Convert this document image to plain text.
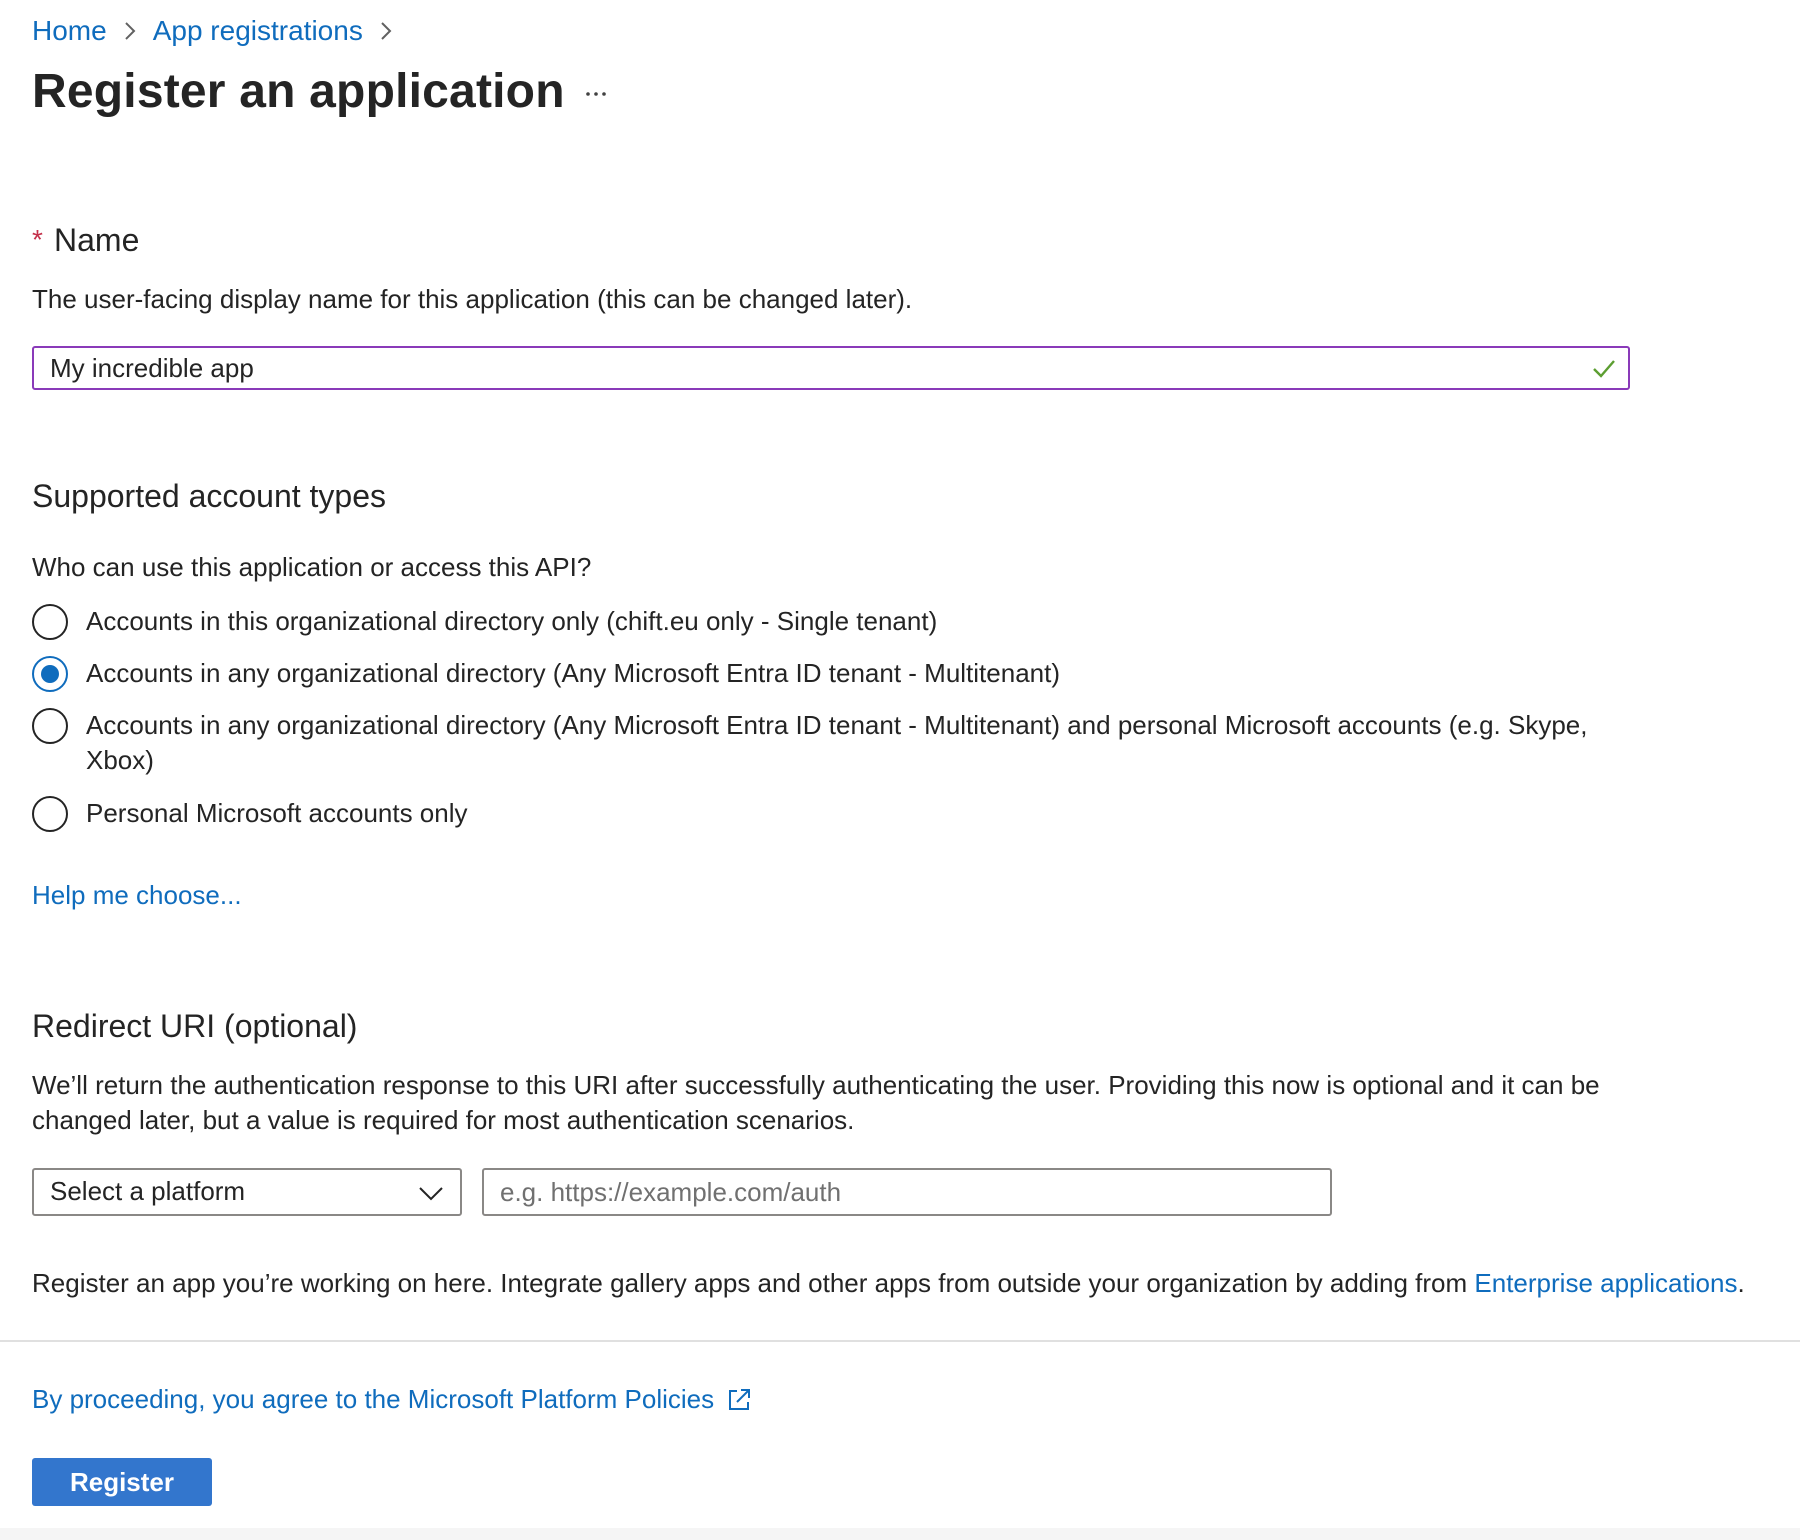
Home App registrations
Register an application
* Name
The user-facing display name for this application (this can be changed later).
My incredible app
Supported account types
Who can use this application or access this API?
Accounts in this organizational directory only (chift.eu only - Single tenant)
Accounts in any organizational directory (Any Microsoft Entra ID tenant - Multitenant)
Accounts in any organizational directory (Any Microsoft Entra ID tenant - Multitenant) and personal Microsoft accounts (e.g. Skype, Xbox)
Personal Microsoft accounts only
Help me choose...
Redirect URI (optional)
We’ll return the authentication response to this URI after successfully authenticating the user. Providing this now is optional and it can be changed later, but a value is required for most authentication scenarios.
Select a platform
e.g. https://example.com/auth
Register an app you’re working on here. Integrate gallery apps and other apps from outside your organization by adding from Enterprise applications.
By proceeding, you agree to the Microsoft Platform Policies
Register
